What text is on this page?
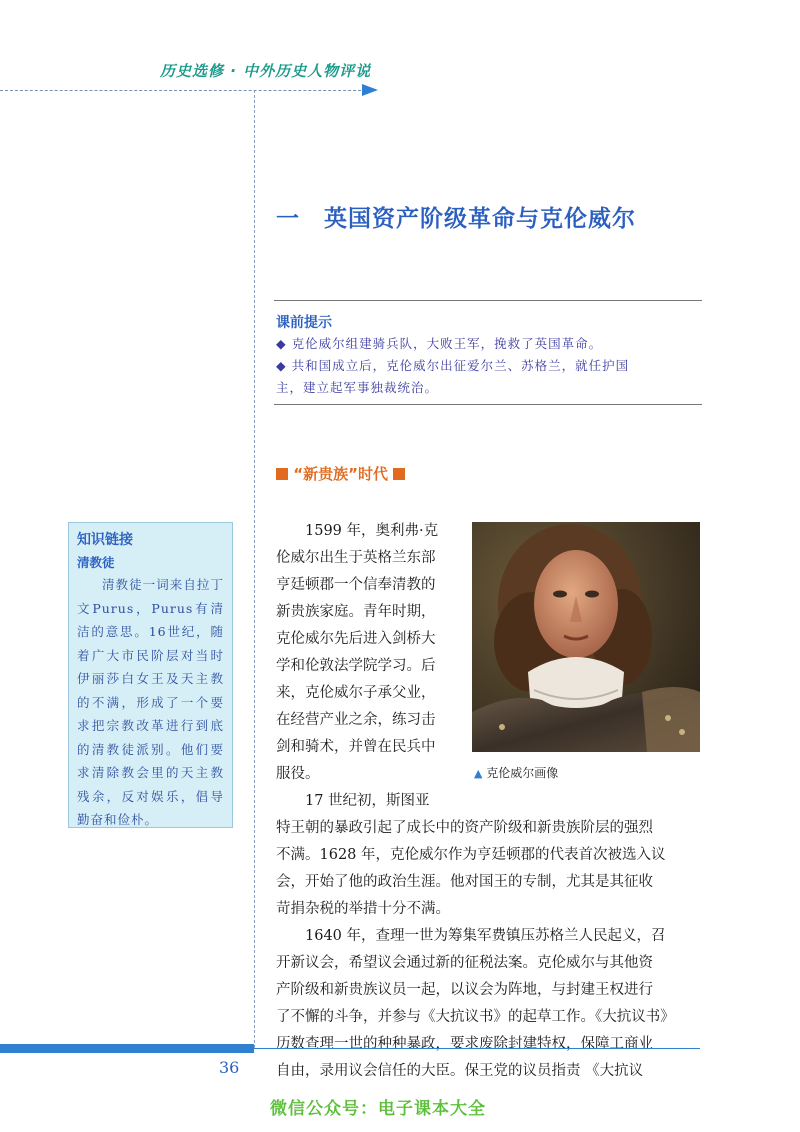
历史选修 · 中外历史人物评说
一　英国资产阶级革命与克伦威尔
课前提示
◆ 克伦威尔组建骑兵队，大败王军，挽救了英国革命。
◆ 共和国成立后，克伦威尔出征爱尔兰、苏格兰，就任护国
主，建立起军事独裁统治。
“新贵族”时代
知识链接
清教徒
清教徒一词来自拉丁文Purus，Purus有清洁的意思。16世纪，随着广大市民阶层对当时伊丽莎白女王及天主教的不满，形成了一个要求把宗教改革进行到底的清教徒派别。他们要求清除教会里的天主教残余，反对娱乐，倡导勤奋和俭朴。
▲ 克伦威尔画像
　　1599 年，奥利弗·克
伦威尔出生于英格兰东部
亨廷顿郡一个信奉清教的
新贵族家庭。青年时期，
克伦威尔先后进入剑桥大
学和伦敦法学院学习。后
来，克伦威尔子承父业，
在经营产业之余，练习击
剑和骑术，并曾在民兵中
服役。
　　17 世纪初，斯图亚
特王朝的暴政引起了成长中的资产阶级和新贵族阶层的强烈
不满。1628 年，克伦威尔作为亨廷顿郡的代表首次被选入议
会，开始了他的政治生涯。他对国王的专制，尤其是其征收
苛捐杂税的举措十分不满。
　　1640 年，查理一世为筹集军费镇压苏格兰人民起义，召
开新议会，希望议会通过新的征税法案。克伦威尔与其他资
产阶级和新贵族议员一起，以议会为阵地，与封建王权进行
了不懈的斗争，并参与《大抗议书》的起草工作。《大抗议书》
历数查理一世的种种暴政，要求废除封建特权，保障工商业
自由，录用议会信任的大臣。保王党的议员指责 《大抗议
36
微信公众号：电子课本大全
